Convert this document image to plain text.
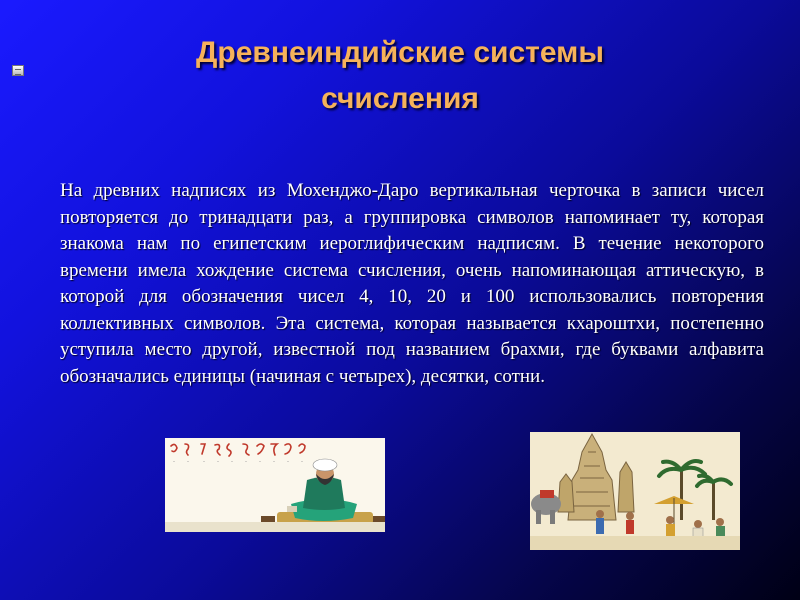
Древнеиндийские системы
счисления
На древних надписях из Мохенджо-Даро вертикальная черточка в записи чисел повторяется до тринадцати раз, а группировка символов напоминает ту, которая знакома нам по египетским иероглифическим надписям. В течение некоторого времени имела хождение система счисления, очень напоминающая аттическую, в которой для обозначения чисел 4, 10, 20 и 100 использовались повторения коллективных символов. Эта система, которая называется кхароштхи, постепенно уступила место другой, известной под названием брахми, где буквами алфавита обозначались единицы (начиная с четырех), десятки, сотни.
· · · · · · · · · ·
